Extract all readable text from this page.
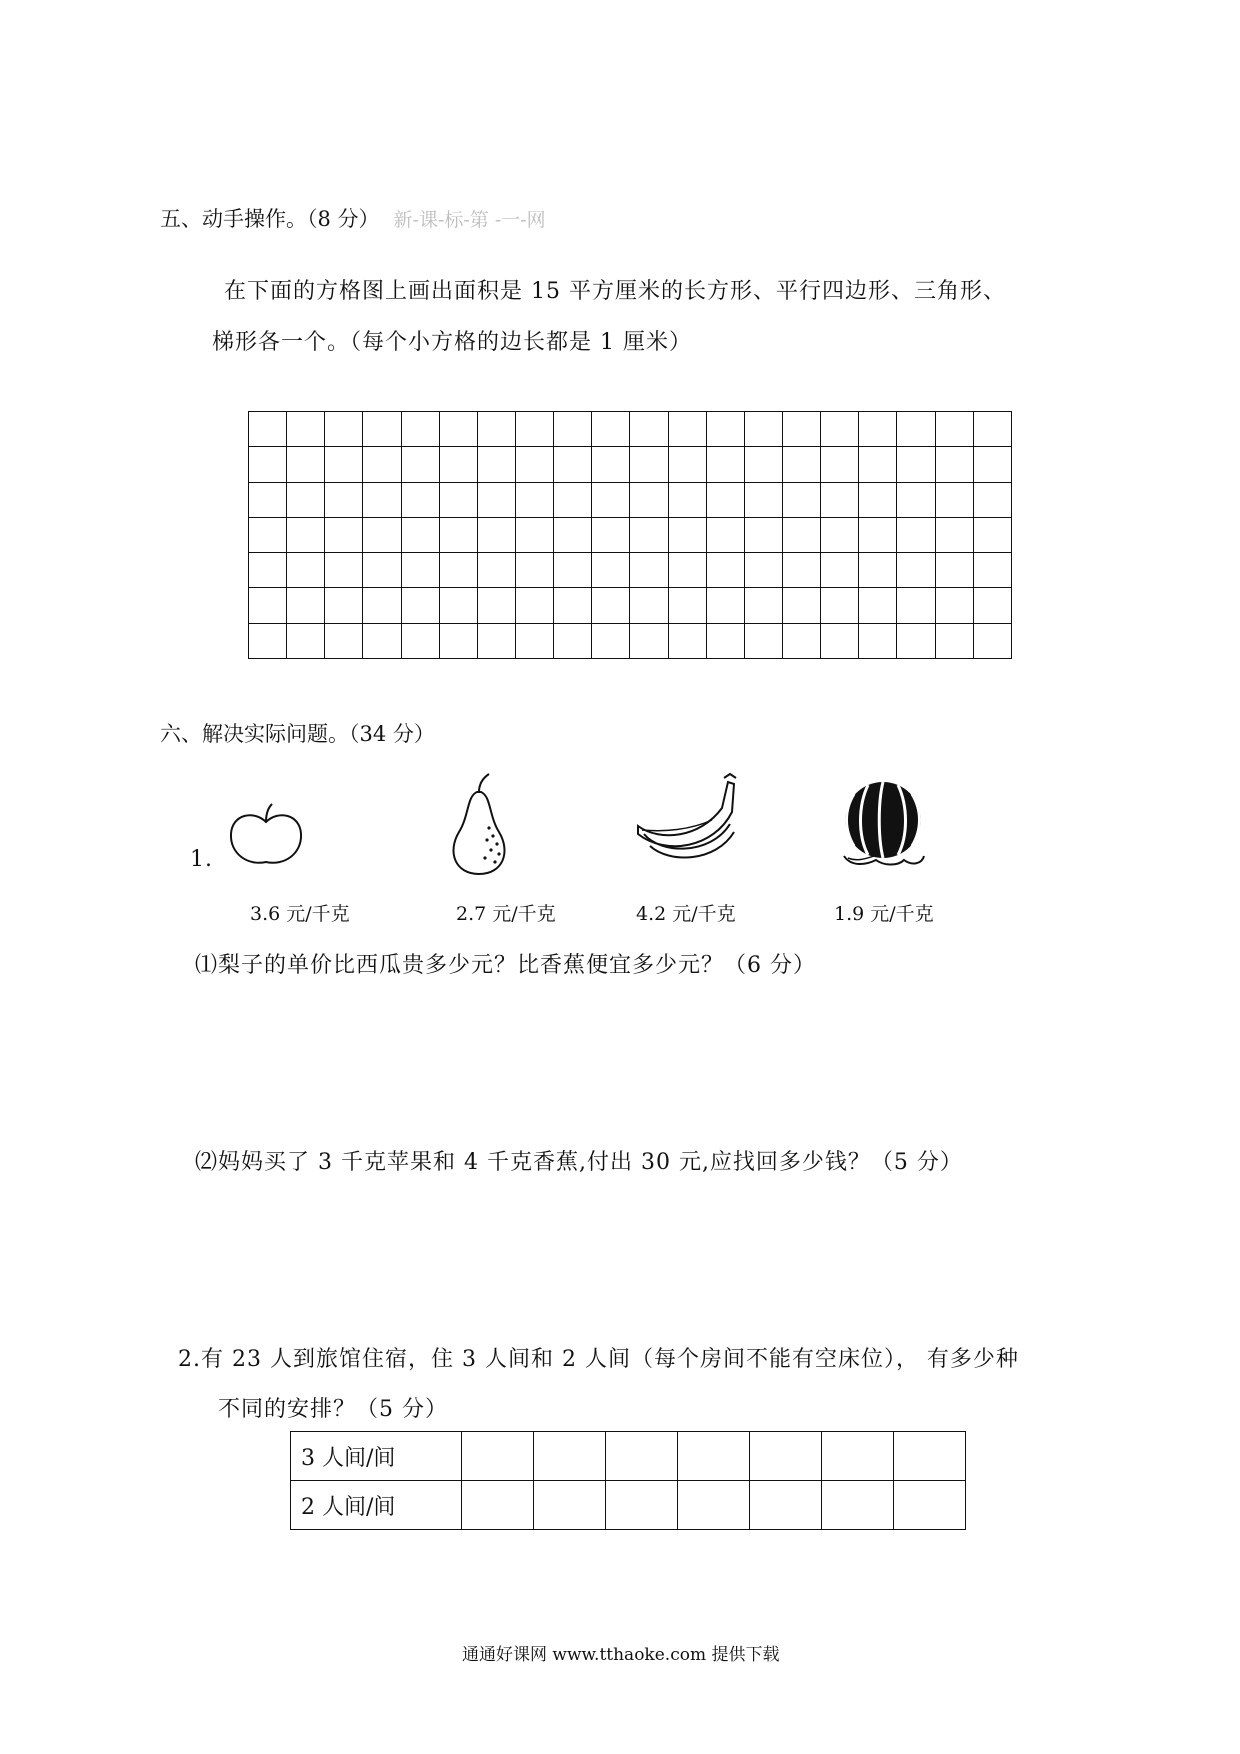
五、动手操作。（8 分） 新-课-标-第 -一-网
在下面的方格图上画出面积是 15 平方厘米的长方形、平行四边形、三角形、
梯形各一个。（每个小方格的边长都是 1 厘米）

六、解决实际问题。（34 分）
1.
3.6 元/千克	2.7 元/千克	4.2 元/千克	1.9 元/千克
⑴梨子的单价比西瓜贵多少元？比香蕉便宜多少元？（6 分）
⑵妈妈买了 3 千克苹果和 4 千克香蕉,付出 30 元,应找回多少钱？（5 分）
2.有 23 人到旅馆住宿，住 3 人间和 2 人间（每个房间不能有空床位）， 有多少种
不同的安排？（5 分）
3 人间/间							
2 人间/间							
通通好课网 www.tthaoke.com 提供下载
